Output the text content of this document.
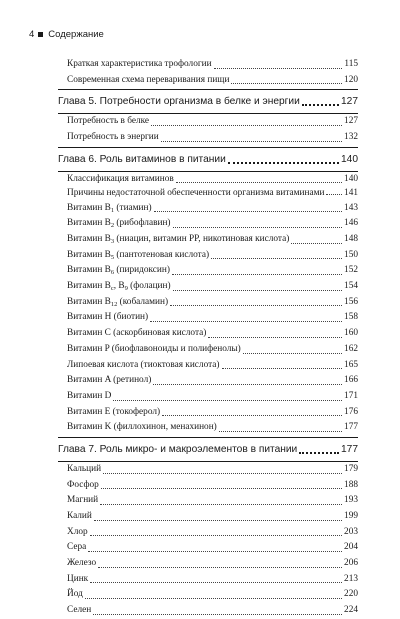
4 Содержание
Краткая характеристика трофологии	115
Современная схема переваривания пищи	120
Глава 5. Потребности организма в белке и энергии	127
Потребность в белке	127
Потребность в энергии	132
Глава 6. Роль витаминов в питании	140
Классификация витаминов	140
Причины недостаточной обеспеченности организма витаминами 141
Витамин $B_1$ (тиамин)	143
Витамин $B_2$ (рибофлавин)	146
Витамин $B_3$ (ниацин, витамин PP, никотиновая кислота)	148
Витамин $B_5$ (пантотеновая кислота)	150
Витамин $B_6$ (пиридоксин)	152
Витамин $B_c$, $B_9$ (фолацин)	154
Витамин $B_{12}$ (кобаламин)	156
Витамин H (биотин)	158
Витамин C (аскорбиновая кислота)	160
Витамин P (биофлавоноиды и полифенолы)	162
Липоевая кислота (тиоктовая кислота)	165
Витамин A (ретинол)	166
Витамин D	171
Витамин E (токоферол)	176
Витамин K (филлохинон, менахинон)	177
Глава 7. Роль микро- и макроэлементов в питании	177
Кальций	179
Фосфор	188
Магний	193
Калий	199
Хлор	203
Сера	204
Железо	206
Цинк	213
Йод	220
Селен	224
